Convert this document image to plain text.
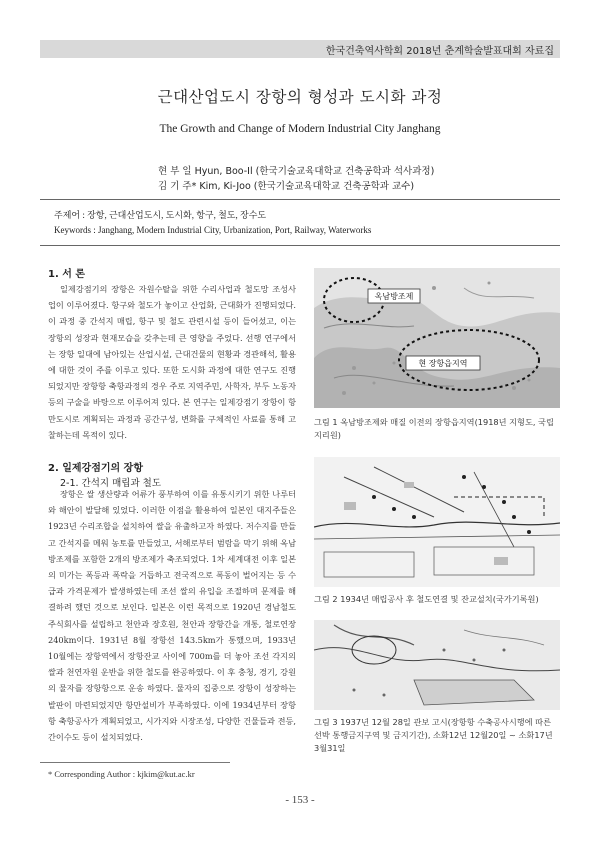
한국건축역사학회 2018년 춘계학술발표대회 자료집
근대산업도시 장항의 형성과 도시화 과정
The Growth and Change of Modern Industrial City Janghang
현 부 일 Hyun, Boo-Il (한국기술교육대학교 건축공학과 석사과정)
김 기 주* Kim, Ki-Joo (한국기술교육대학교 건축공학과 교수)
주제어 : 장항, 근대산업도시, 도시화, 항구, 철도, 장수도
Keywords : Janghang, Modern Industrial City, Urbanization, Port, Railway, Waterworks
1. 서 론
일제강점기의 장항은 자원수탈을 위한 수리사업과 철도망 조성사업이 이루어졌다. 항구와 철도가 놓이고 산업화, 근대화가 진행되었다. 이 과정 중 간석지 매립, 항구 및 철도 관련시설 등이 들어섰고, 이는 장항의 성장과 현재모습을 갖추는데 큰 영향을 주었다. 선행 연구에서는 장항 일대에 남아있는 산업시설, 근대건물의 현황과 경관해석, 활용에 대한 것이 주를 이루고 있다. 또한 도시화 과정에 대한 연구도 진행되었지만 장항항 축항과정의 경우 주로 지역주민, 사학자, 부두 노동자 등의 구술을 바탕으로 이루어져 있다. 본 연구는 일제강점기 장항이 항만도시로 계획되는 과정과 공간구성, 변화를 구체적인 사료를 통해 고찰하는데 목적이 있다.
2. 일제강점기의 장항
2-1. 간석지 매립과 철도
장항은 쌀 생산량과 어류가 풍부하여 이를 유통시키기 위한 나루터와 해안이 발달해 있었다. 이러한 이점을 활용하여 일본인 대지주들은 1923년 수리조합을 설치하여 쌀을 유출하고자 하였다. 저수지를 만들고 간석지를 메워 농토를 만들었고, 서해로부터 범람을 막기 위해 옥남방조제를 포함한 2개의 방조제가 축조되었다. 1차 세계대전 이후 일본의 미가는 폭등과 폭락을 거듭하고 전국적으로 폭동이 벌어지는 등 수급과 가격문제가 발생하였는데 조선 쌀의 유입을 조절하며 문제를 해결하려 했던 것으로 보인다. 일본은 이런 목적으로 1920년 경남철도주식회사를 설립하고 천안과 장호원, 천안과 장항간을 개통, 철로연장 240km이다. 1931년 8월 장항선 143.5km가 통했으며, 1933년 10월에는 장항역에서 장항잔교 사이에 700m를 더 놓아 조선 각지의 쌀과 천연자원 운반을 위한 철도를 완공하였다. 이 후 충청, 경기, 강원의 물자를 장항항으로 운송 하였다. 물자의 집중으로 장항이 성장하는 발판이 마련되었지만 항만설비가 부족하였다. 이에 1934년부터 장항항 축항공사가 계획되었고, 시가지와 시장조성, 다양한 건물들과 전등, 간이수도 등이 설치되었다.
옥남방조제
현 장항읍지역
그림 1 옥남방조제와 매질 이전의 장항읍지역(1918년 지형도, 국립지리원)
그림 2 1934년 매립공사 후 철도연결 및 잔교설치(국가기록원)
그림 3 1937년 12월 28일 관보 고시(장항항 수축공사시행에 따른 선박 통행금지구역 및 금지기간), 소화12년 12월20일 ~ 소화17년 3월31일
* Corresponding Author : kjkim@kut.ac.kr
- 153 -
